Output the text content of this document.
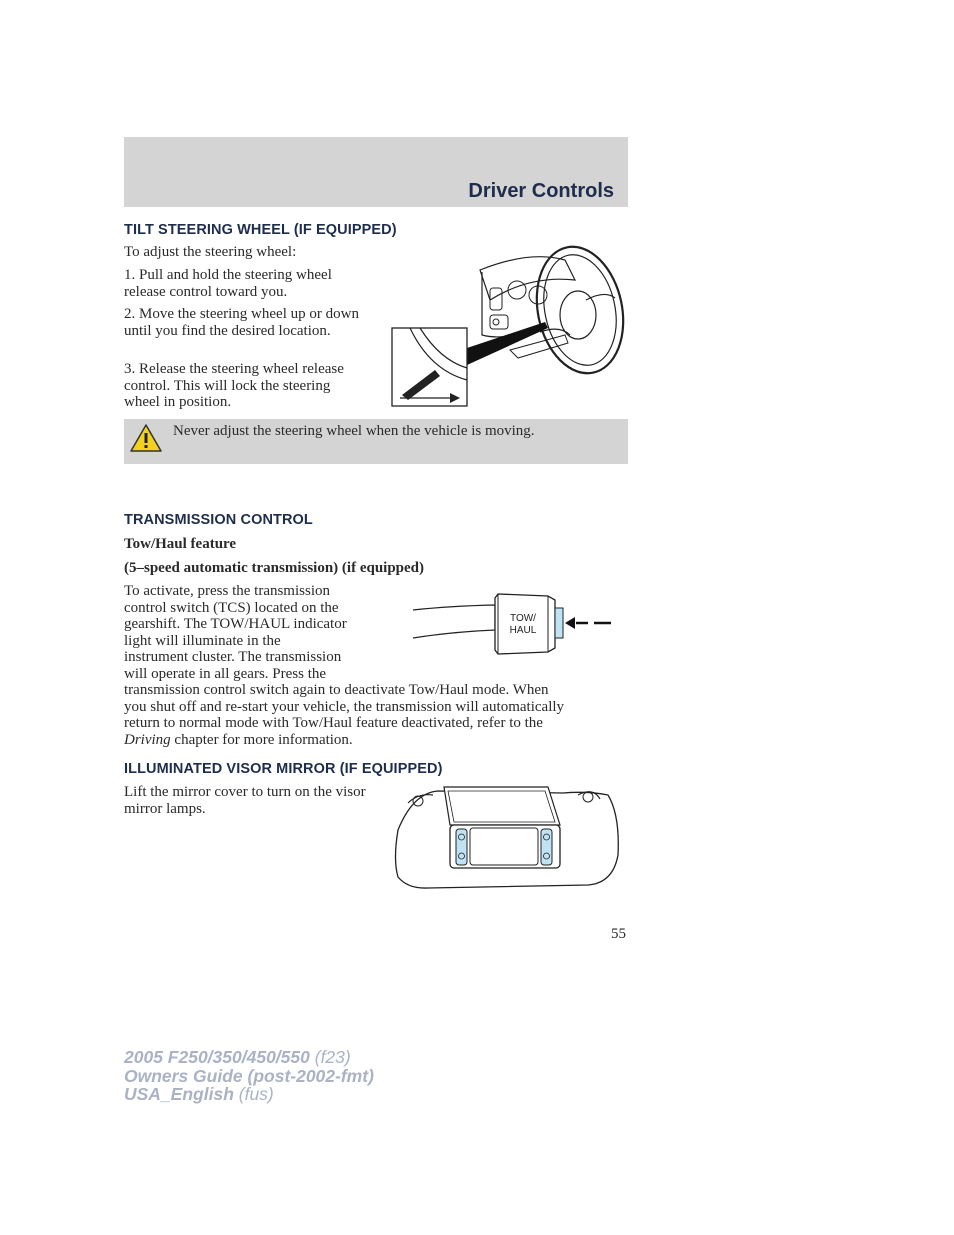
Driver Controls
TILT STEERING WHEEL (IF EQUIPPED)
To adjust the steering wheel:
1. Pull and hold the steering wheel release control toward you.
2. Move the steering wheel up or down until you find the desired location.
3. Release the steering wheel release control. This will lock the steering wheel in position.
Never adjust the steering wheel when the vehicle is moving.
TRANSMISSION CONTROL
Tow/Haul feature
(5–speed automatic transmission) (if equipped)
To activate, press the transmission
control switch (TCS) located on the
gearshift. The TOW/HAUL indicator
light will illuminate in the
instrument cluster. The transmission
will operate in all gears. Press the
transmission control switch again to deactivate Tow/Haul mode. When
you shut off and re-start your vehicle, the transmission will automatically
return to normal mode with Tow/Haul feature deactivated, refer to the
Driving chapter for more information.
TOW/
HAUL
ILLUMINATED VISOR MIRROR (IF EQUIPPED)
Lift the mirror cover to turn on the visor mirror lamps.
55
2005 F250/350/450/550 (f23)
Owners Guide (post-2002-fmt)
USA_English (fus)
